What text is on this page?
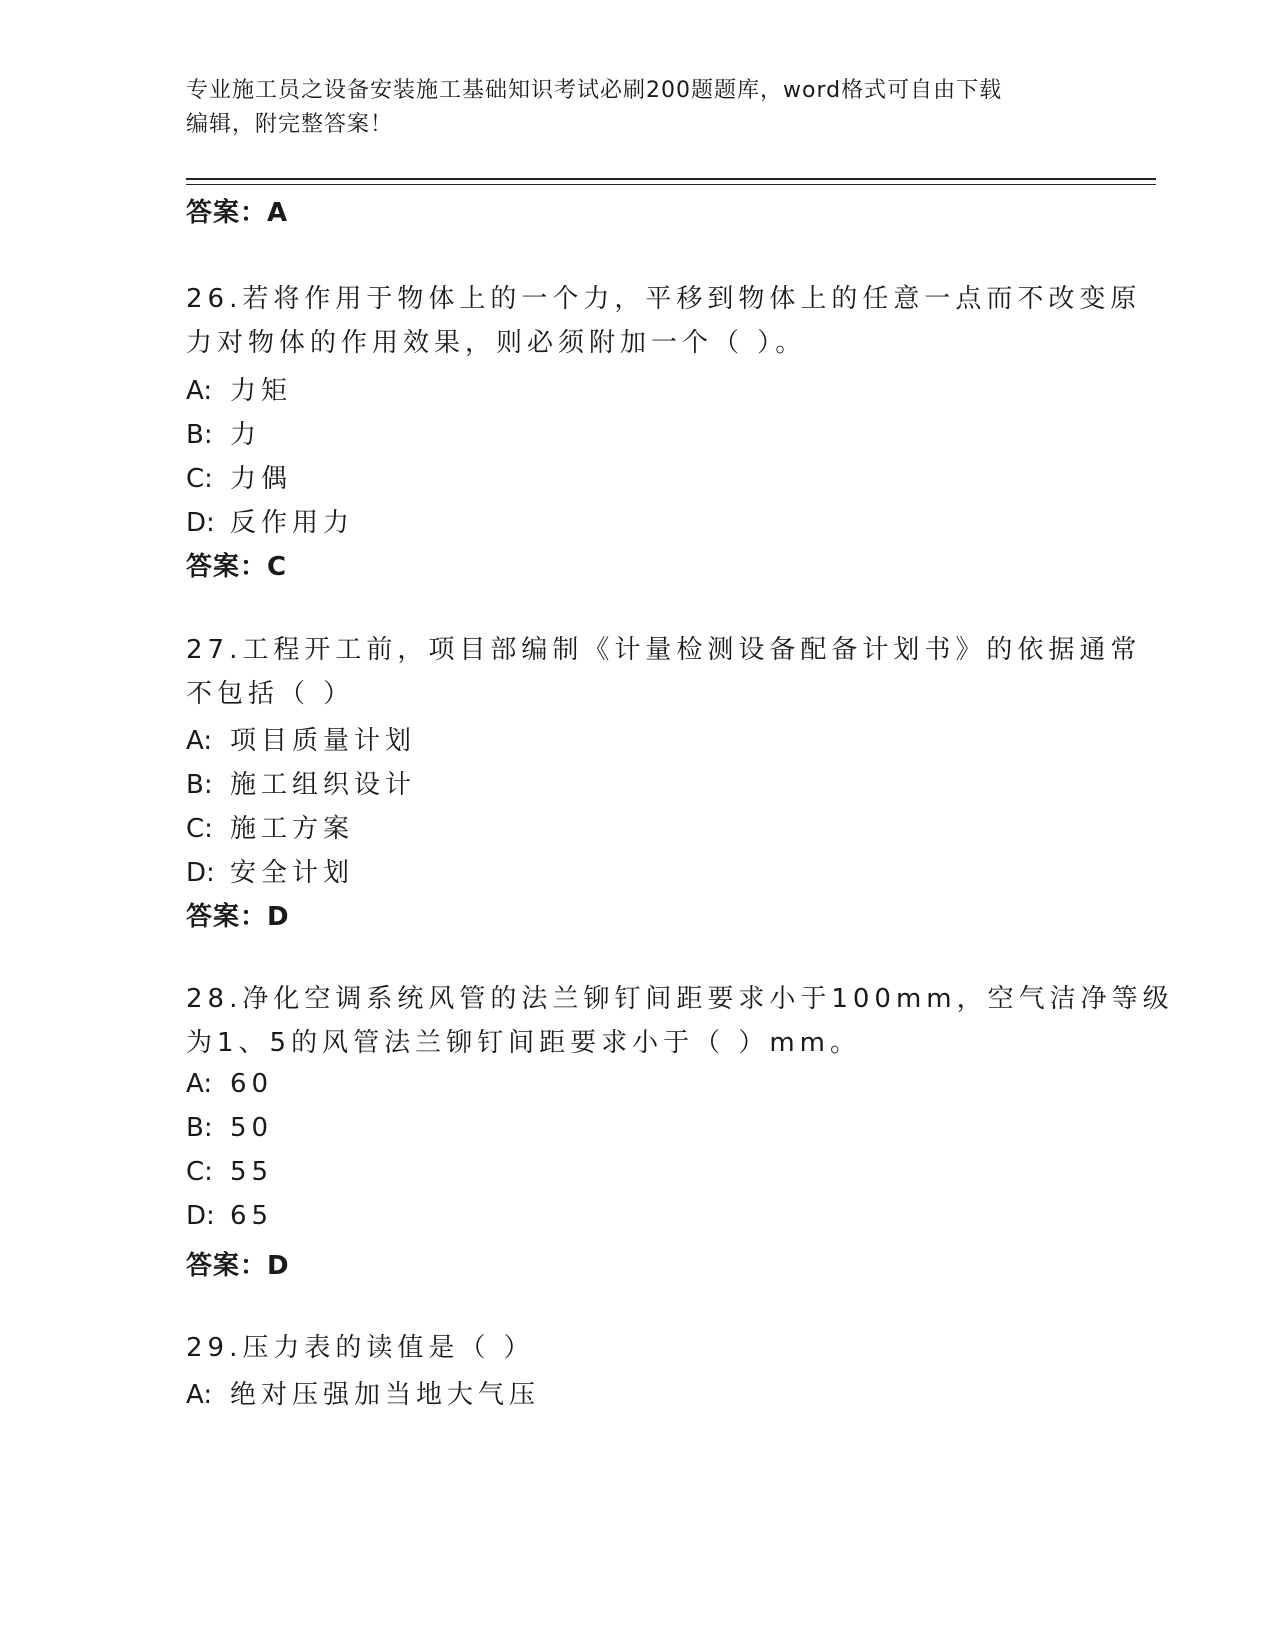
专业施工员之设备安装施工基础知识考试必刷200题题库，word格式可自由下载
编辑，附完整答案！
答案：A
26.若将作用于物体上的一个力，平移到物体上的任意一点而不改变原
力对物体的作用效果，则必须附加一个（ ）。
A: 力矩
B: 力
C: 力偶
D: 反作用力
答案：C
27.工程开工前，项目部编制《计量检测设备配备计划书》的依据通常
不包括（ ）
A: 项目质量计划
B: 施工组织设计
C: 施工方案
D: 安全计划
答案：D
28.净化空调系统风管的法兰铆钉间距要求小于100mm，空气洁净等级
为1、5的风管法兰铆钉间距要求小于（ ）mm。
A: 60
B: 50
C: 55
D: 65
答案：D
29.压力表的读值是（ ）
A: 绝对压强加当地大气压
